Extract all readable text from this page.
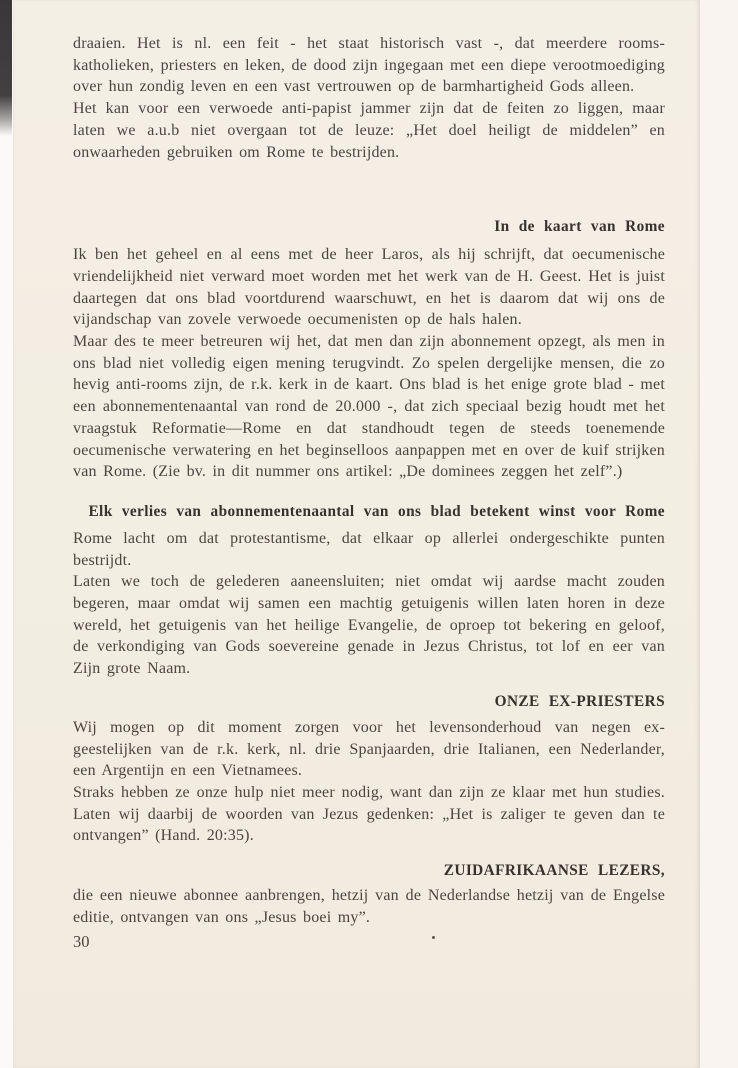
draaien. Het is nl. een feit - het staat historisch vast -, dat meerdere rooms-katholieken, priesters en leken, de dood zijn ingegaan met een diepe verootmoediging over hun zondig leven en een vast vertrouwen op de barmhartigheid Gods alleen.

Het kan voor een verwoede anti-papist jammer zijn dat de feiten zo liggen, maar laten we a.u.b niet overgaan tot de leuze: „Het doel heiligt de middelen” en onwaarheden gebruiken om Rome te bestrijden.

In de kaart van Rome

Ik ben het geheel en al eens met de heer Laros, als hij schrijft, dat oecumenische vriendelijkheid niet verward moet worden met het werk van de H. Geest. Het is juist daartegen dat ons blad voortdurend waarschuwt, en het is daarom dat wij ons de vijandschap van zovele verwoede oecumenisten op de hals halen.

Maar des te meer betreuren wij het, dat men dan zijn abonnement opzegt, als men in ons blad niet volledig eigen mening terugvindt. Zo spelen dergelijke mensen, die zo hevig anti-rooms zijn, de r.k. kerk in de kaart. Ons blad is het enige grote blad - met een abonnementenaantal van rond de 20.000 -, dat zich speciaal bezig houdt met het vraagstuk Reformatie—Rome en dat standhoudt tegen de steeds toenemende oecumenische verwatering en het beginselloos aanpappen met en over de kuif strijken van Rome. (Zie bv. in dit nummer ons artikel: „De dominees zeggen het zelf”.)

Elk verlies van abonnementenaantal van ons blad betekent winst voor Rome

Rome lacht om dat protestantisme, dat elkaar op allerlei ondergeschikte punten bestrijdt.

Laten we toch de gelederen aaneensluiten; niet omdat wij aardse macht zouden begeren, maar omdat wij samen een machtig getuigenis willen laten horen in deze wereld, het getuigenis van het heilige Evangelie, de oproep tot bekering en geloof, de verkondiging van Gods soevereine genade in Jezus Christus, tot lof en eer van Zijn grote Naam.

ONZE EX-PRIESTERS

Wij mogen op dit moment zorgen voor het levensonderhoud van negen ex-geestelijken van de r.k. kerk, nl. drie Spanjaarden, drie Italianen, een Nederlander, een Argentijn en een Vietnamees.

Straks hebben ze onze hulp niet meer nodig, want dan zijn ze klaar met hun studies. Laten wij daarbij de woorden van Jezus gedenken: „Het is zaliger te geven dan te ontvangen” (Hand. 20:35).

ZUIDAFRIKAANSE LEZERS,

die een nieuwe abonnee aanbrengen, hetzij van de Nederlandse hetzij van de Engelse editie, ontvangen van ons „Jesus boei my”.

30
